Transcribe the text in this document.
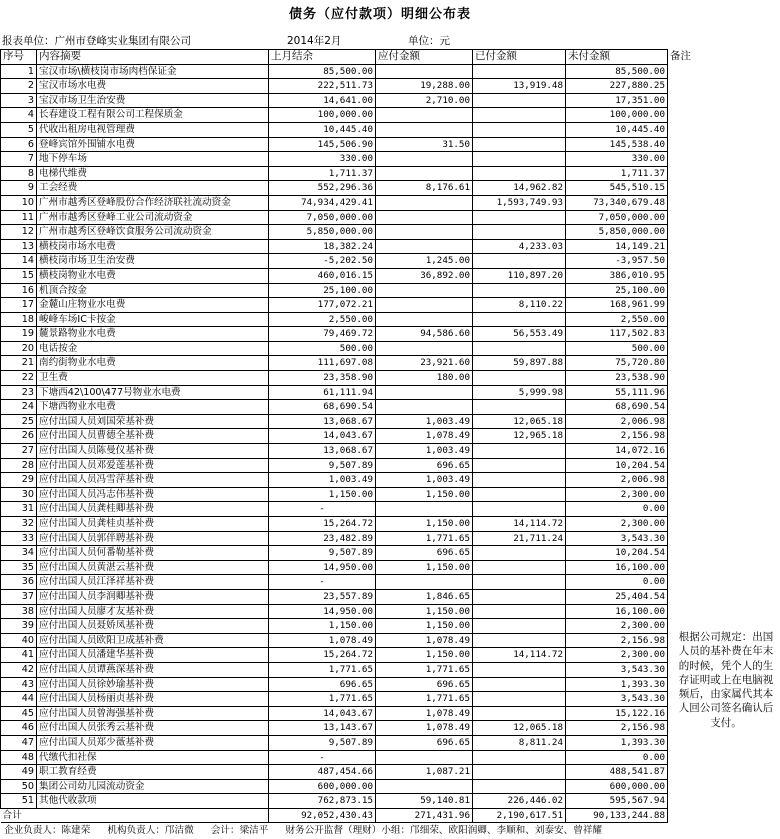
债务（应付款项）明细公布表
报表单位：广州市登峰实业集团有限公司	2014年2月	单位：元
序号	内容摘要	上月结余	应付金额	已付金额	未付金额	备注
1	宝汉市场\横枝岗市场肉档保证金	85,500.00			85,500.00	
2	宝汉市场水电费	222,511.73	19,288.00	13,919.48	227,880.25	
3	宝汉市场卫生治安费	14,641.00	2,710.00		17,351.00	
4	长春建设工程有限公司工程保质金	100,000.00			100,000.00	
5	代收出租房电视管理费	10,445.40			10,445.40	
6	登峰宾馆外围铺水电费	145,506.90	31.50		145,538.40	
7	地下停车场	330.00			330.00	
8	电梯代维费	1,711.37			1,711.37	
9	工会经费	552,296.36	8,176.61	14,962.82	545,510.15	
10	广州市越秀区登峰股份合作经济联社流动资金	74,934,429.41		1,593,749.93	73,340,679.48	
11	广州市越秀区登峰工业公司流动资金	7,050,000.00			7,050,000.00	
12	广州市越秀区登峰饮食服务公司流动资金	5,850,000.00			5,850,000.00	
13	横枝岗市场水电费	18,382.24		4,233.03	14,149.21	
14	横枝岗市场卫生治安费	-5,202.50	1,245.00		-3,957.50	
15	横枝岗物业水电费	460,016.15	36,892.00	110,897.20	386,010.95	
16	机顶合按金	25,100.00			25,100.00	
17	金麓山庄物业水电费	177,072.21		8,110.22	168,961.99	
18	峻峰车场IC卡按金	2,550.00			2,550.00	
19	麓景路物业水电费	79,469.72	94,586.60	56,553.49	117,502.83	
20	电话按金	500.00			500.00	
21	南约街物业水电费	111,697.08	23,921.60	59,897.88	75,720.80	
22	卫生费	23,358.90	180.00		23,538.90	
23	下塘西42\100\477号物业水电费	61,111.94		5,999.98	55,111.96	
24	下塘西物业水电费	68,690.54			68,690.54	
25	应付出国人员刘国荣基补费	13,068.67	1,003.49	12,065.18	2,006.98	
26	应付出国人员曹德全基补费	14,043.67	1,078.49	12,965.18	2,156.98	
27	应付出国人员陈曼仪基补费	13,068.67	1,003.49		14,072.16	
28	应付出国人员邓爱莲基补费	9,507.89	696.65		10,204.54	
29	应付出国人员冯雪萍基补费	1,003.49	1,003.49		2,006.98	
30	应付出国人员冯志伟基补费	1,150.00	1,150.00		2,300.00	
31	应付出国人员龚桂卿基补费	-			0.00	
32	应付出国人员龚桂贞基补费	15,264.72	1,150.00	14,114.72	2,300.00	
33	应付出国人员郭伴聘基补费	23,482.89	1,771.65	21,711.24	3,543.30	
34	应付出国人员何番勒基补费	9,507.89	696.65		10,204.54	
35	应付出国人员黄湛云基补费	14,950.00	1,150.00		16,100.00	
36	应付出国人员江泽祥基补费	-			0.00	
37	应付出国人员李润卿基补费	23,557.89	1,846.65		25,404.54	
38	应付出国人员廖才友基补费	14,950.00	1,150.00		16,100.00	
39	应付出国人员聂娇凤基补费	1,150.00	1,150.00		2,300.00	
40	应付出国人员欧阳卫成基补费	1,078.49	1,078.49		2,156.98	
41	应付出国人员潘建华基补费	15,264.72	1,150.00	14,114.72	2,300.00	
42	应付出国人员谭燕深基补费	1,771.65	1,771.65		3,543.30	
43	应付出国人员徐妙瑜基补费	696.65	696.65		1,393.30	
44	应付出国人员杨丽贞基补费	1,771.65	1,771.65		3,543.30	
45	应付出国人员曾海强基补费	14,043.67	1,078.49		15,122.16	
46	应付出国人员张秀云基补费	13,143.67	1,078.49	12,065.18	2,156.98	
47	应付出国人员郑少薇基补费	9,507.89	696.65	8,811.24	1,393.30	
48	代缴代扣社保	-			0.00	
49	职工教育经费	487,454.66	1,087.21		488,541.87	
50	集团公司幼儿园流动资金	600,000.00			600,000.00	
51	其他代收款项	762,873.15	59,140.81	226,446.02	595,567.94	
合计		92,052,430.43	271,431.96	2,190,617.51	90,133,244.88	
根据公司规定：出国人员的基补费在年末的时候，凭个人的生存证明或上在电脑视频后，由家属代其本人回公司签名确认后支付。
企业负责人：陈建荣 机构负责人：邝洁微 会计：梁洁平 财务公开监督（理财）小组：邝细荣、欧阳润卿、李顺和、刘泰安、曾祥耀
